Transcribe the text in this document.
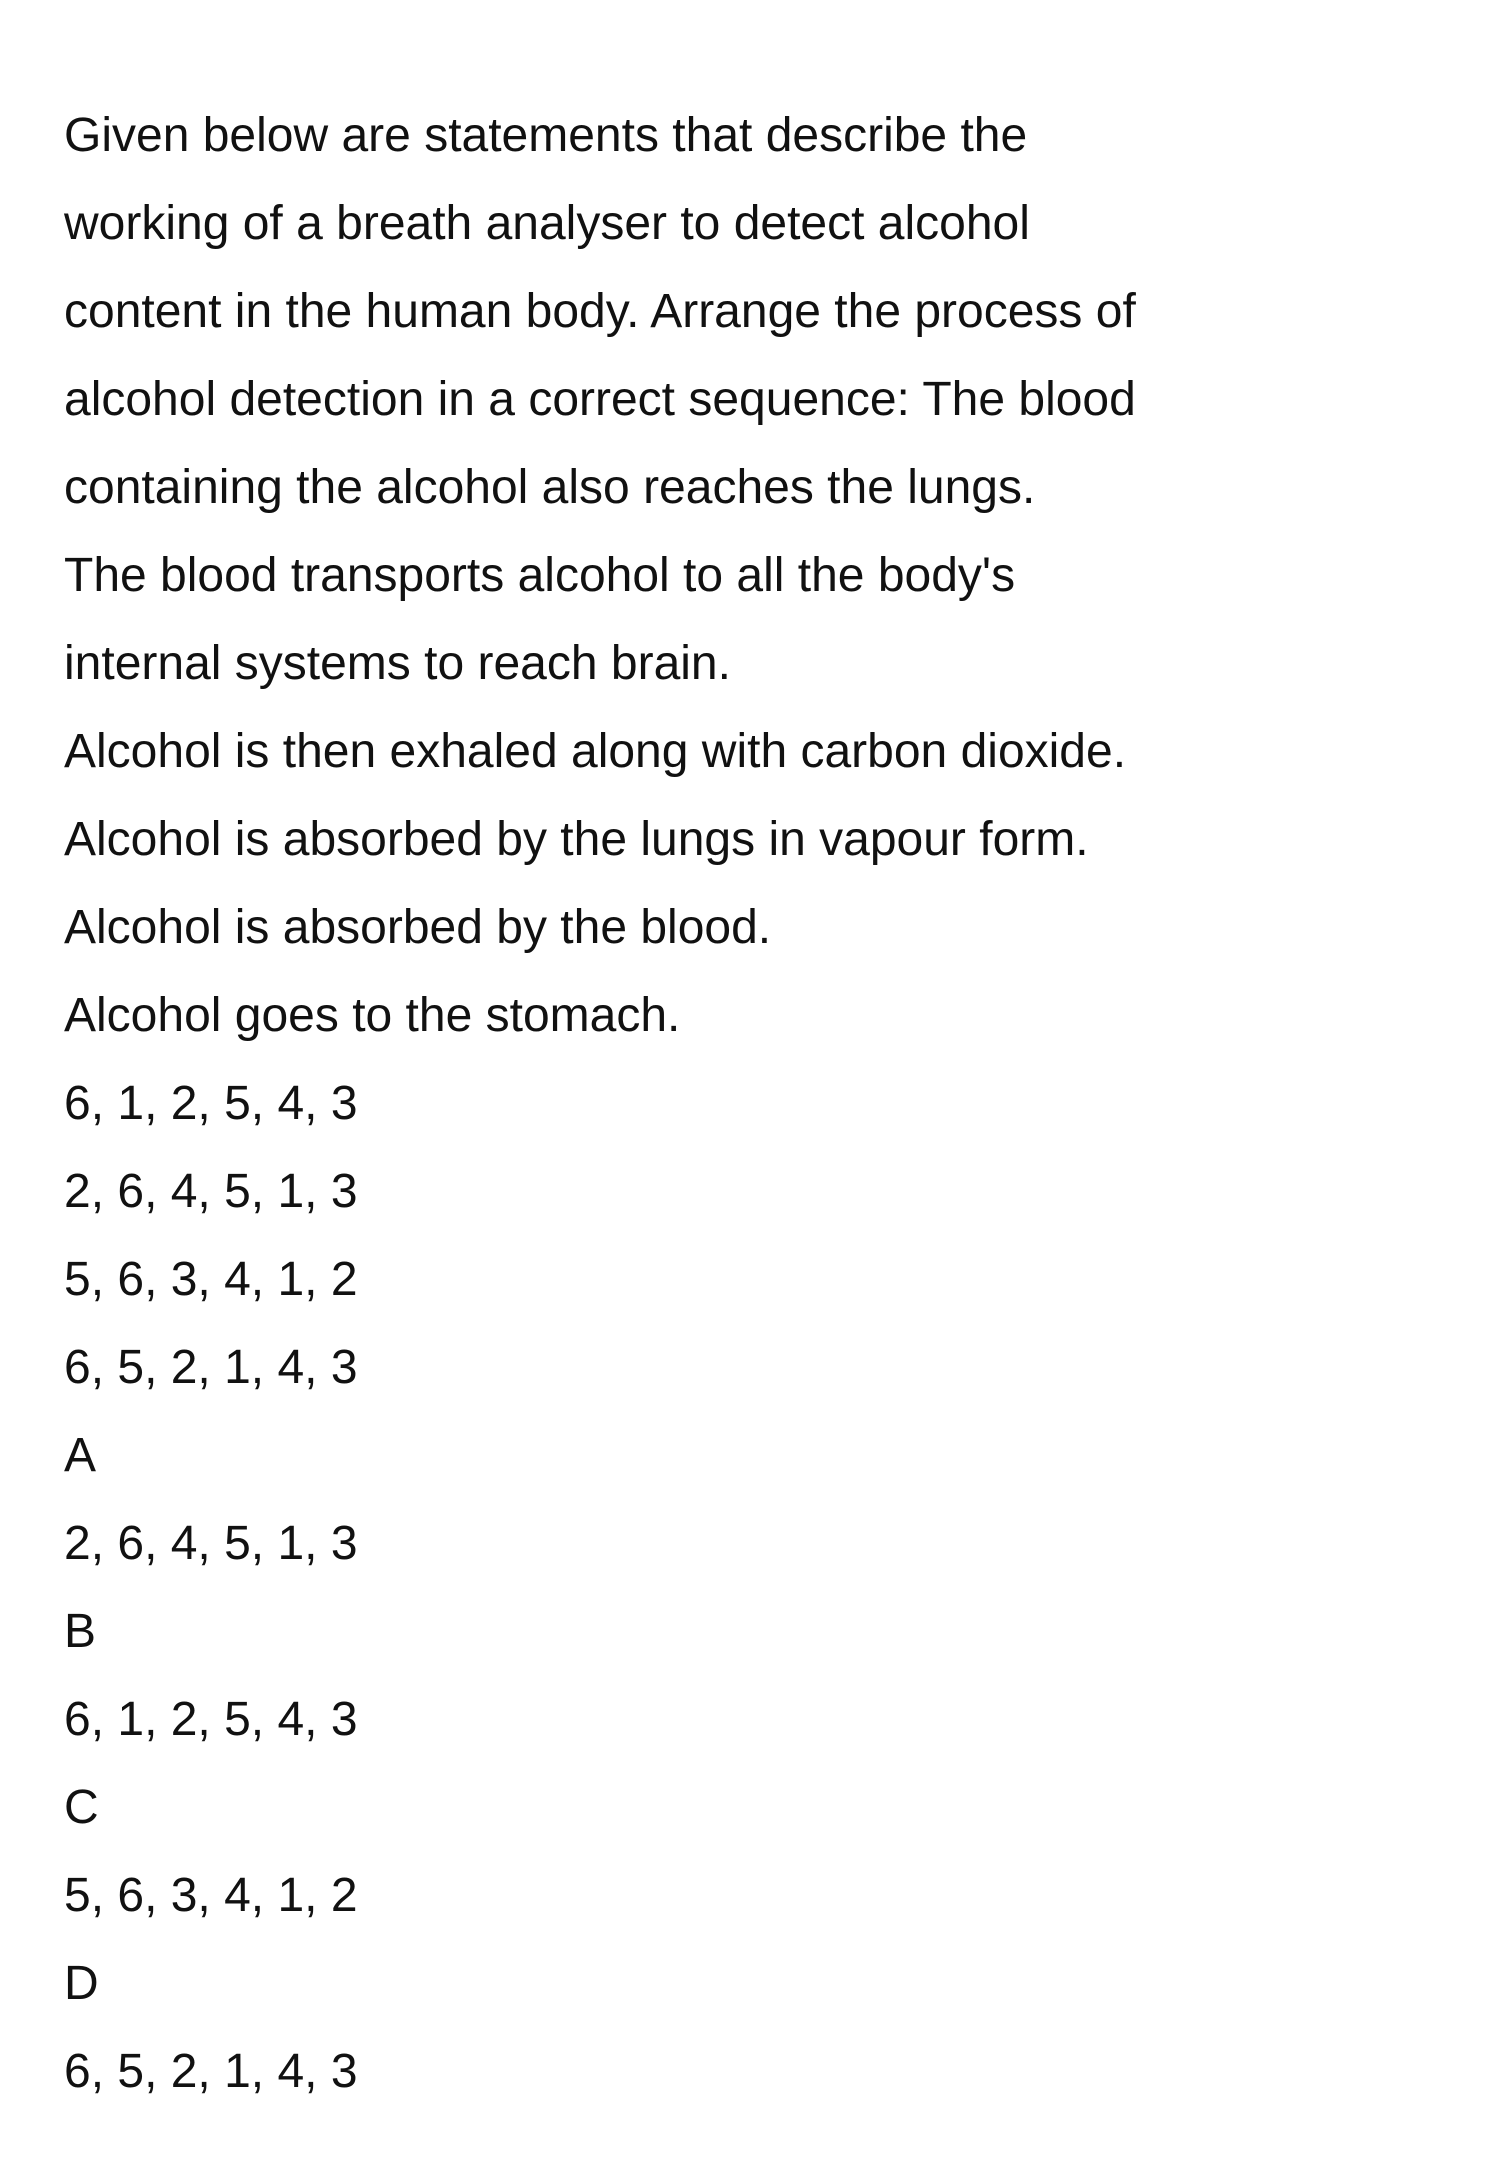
Given below are statements that describe the
working of a breath analyser to detect alcohol
content in the human body. Arrange the process of
alcohol detection in a correct sequence: The blood
containing the alcohol also reaches the lungs.
The blood transports alcohol to all the body's
internal systems to reach brain.
Alcohol is then exhaled along with carbon dioxide.
Alcohol is absorbed by the lungs in vapour form.
Alcohol is absorbed by the blood.
Alcohol goes to the stomach.
6, 1, 2, 5, 4, 3
2, 6, 4, 5, 1, 3
5, 6, 3, 4, 1, 2
6, 5, 2, 1, 4, 3
A
2, 6, 4, 5, 1, 3
B
6, 1, 2, 5, 4, 3
C
5, 6, 3, 4, 1, 2
D
6, 5, 2, 1, 4, 3
